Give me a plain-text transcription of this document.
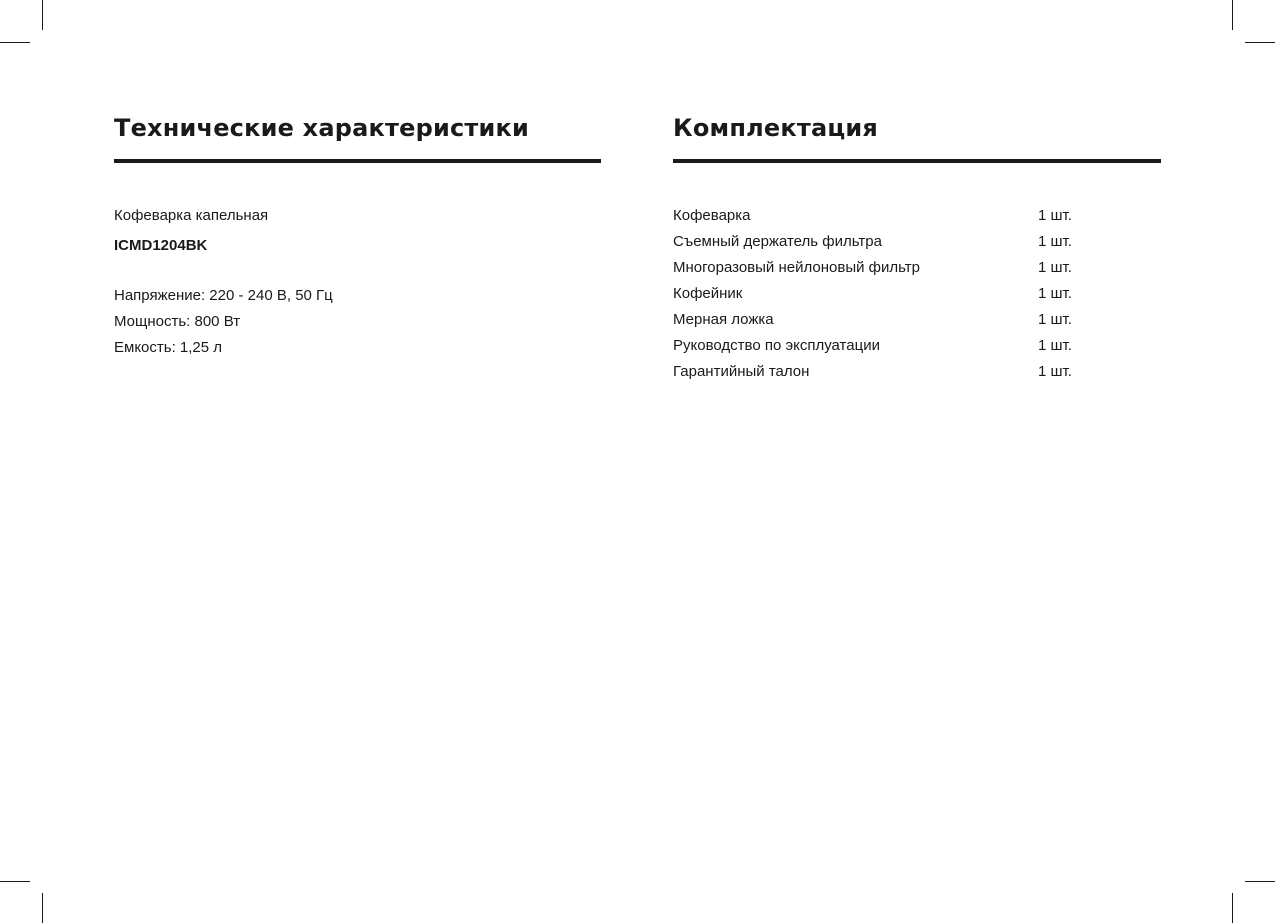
Технические характеристики
Кофеварка капельная
ICMD1204BK
Напряжение: 220 - 240 В, 50 Гц
Мощность: 800 Вт
Емкость: 1,25 л
Комплектация
Кофеварка	1 шт.
Съемный держатель фильтра	1 шт.
Многоразовый нейлоновый фильтр	1 шт.
Кофейник	1 шт.
Мерная ложка	1 шт.
Руководство по эксплуатации	1 шт.
Гарантийный талон	1 шт.
